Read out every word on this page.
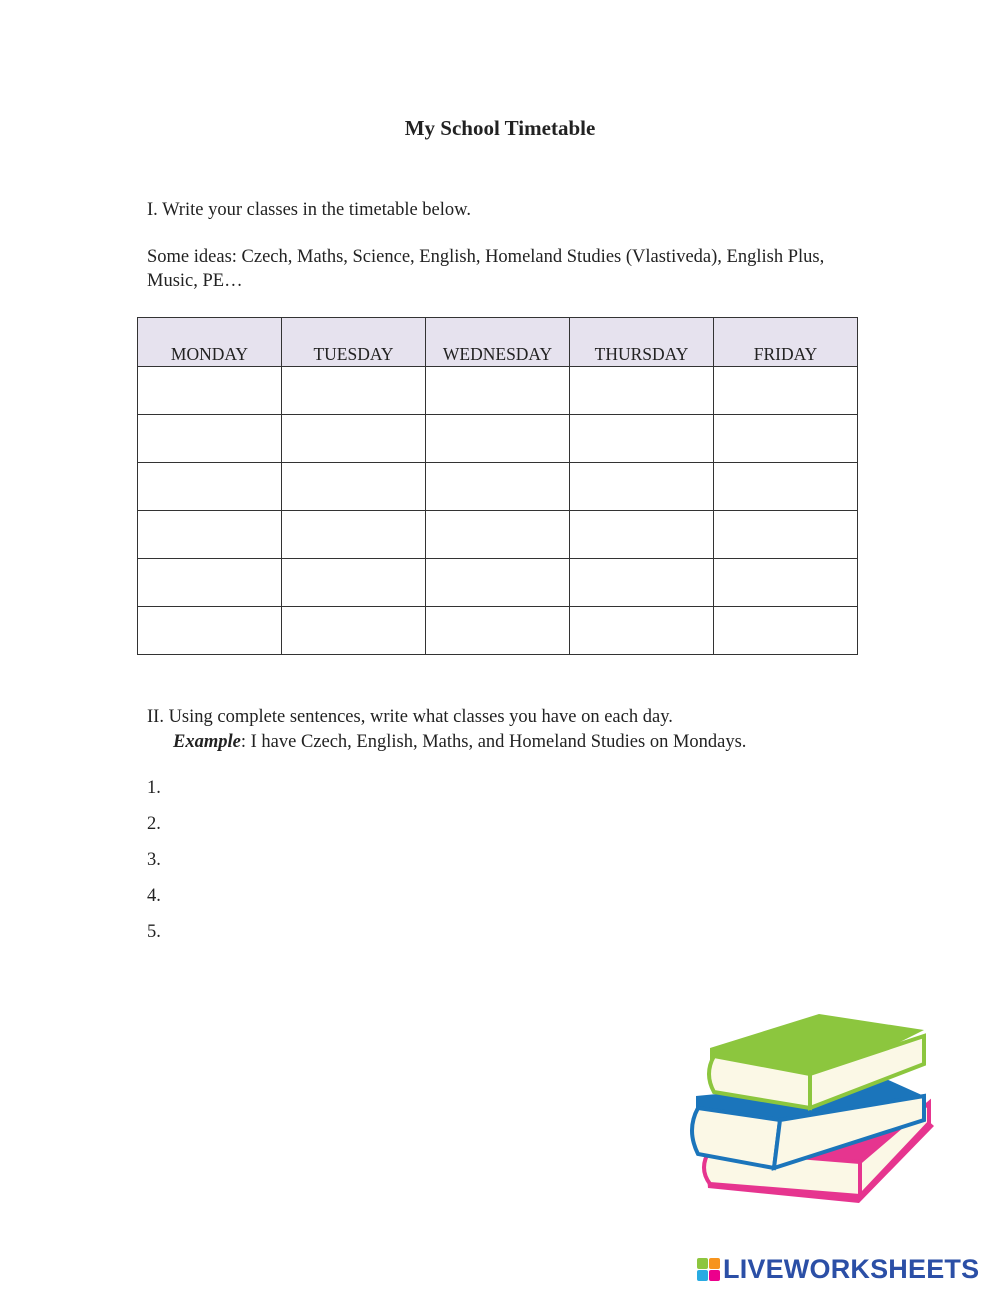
My School Timetable

I. Write your classes in the timetable below.

Some ideas: Czech, Maths, Science, English, Homeland Studies (Vlastiveda), English Plus, Music, PE…

MONDAY	TUESDAY	WEDNESDAY	THURSDAY	FRIDAY

II. Using complete sentences, write what classes you have on each day.
Example: I have Czech, English, Maths, and Homeland Studies on Mondays.
1.
2.
3.
4.
5.
LIVEWORKSHEETS
